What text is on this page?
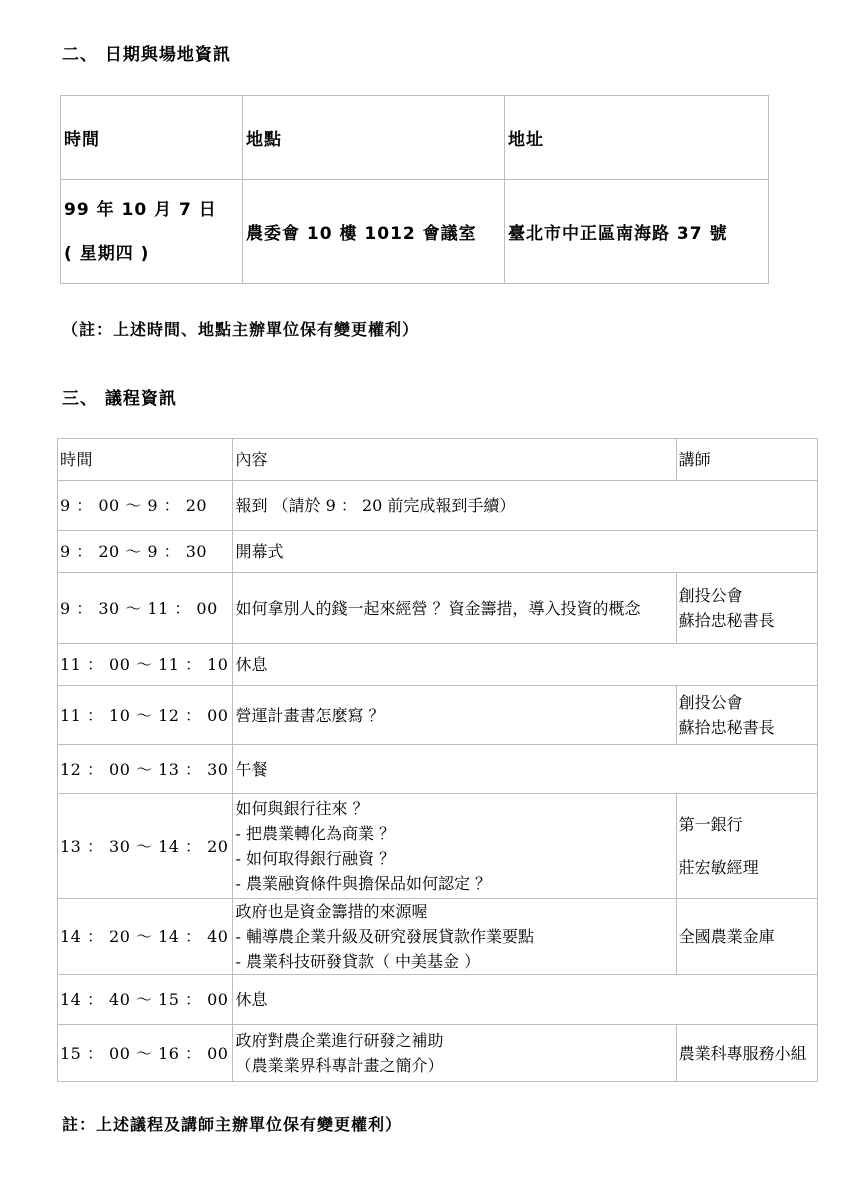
二、 日期與場地資訊
時間	地點	地址

99 年 10 月 7 日
( 星期四 )	農委會 10 樓 1012 會議室	臺北市中正區南海路 37 號
（註：上述時間、地點主辦單位保有變更權利）
三、 議程資訊
時間	內容	講師
9 ： 00 ～ 9 ： 20	報到 （請於 9 ： 20 前完成報到手續）	

9 ： 20 ～ 9 ： 30	開幕式	

9 ： 30 ～ 11 ： 00	如何拿別人的錢一起來經營 ？資金籌措，導入投資的概念	創投公會
蘇拾忠秘書長

11 ： 00 ～ 11 ： 10	休息	

11 ： 10 ～ 12 ： 00	營運計畫書怎麼寫 ？	創投公會
蘇拾忠秘書長

12 ： 00 ～ 13 ： 30	午餐	

13 ： 30 ～ 14 ： 20	如何與銀行往來 ？
- 把農業轉化為商業 ？
- 如何取得銀行融資 ？
- 農業融資條件與擔保品如何認定 ？	第一銀行
莊宏敏經理

14 ： 20 ～ 14 ： 40	政府也是資金籌措的來源喔
- 輔導農企業升級及研究發展貸款作業要點
- 農業科技研發貸款（ 中美基金 ）	全國農業金庫

14 ： 40 ～ 15 ： 00	休息	

15 ： 00 ～ 16 ： 00	政府對農企業進行研發之補助
（農業業界科專計畫之簡介）	農業科專服務小組
註：上述議程及講師主辦單位保有變更權利）
